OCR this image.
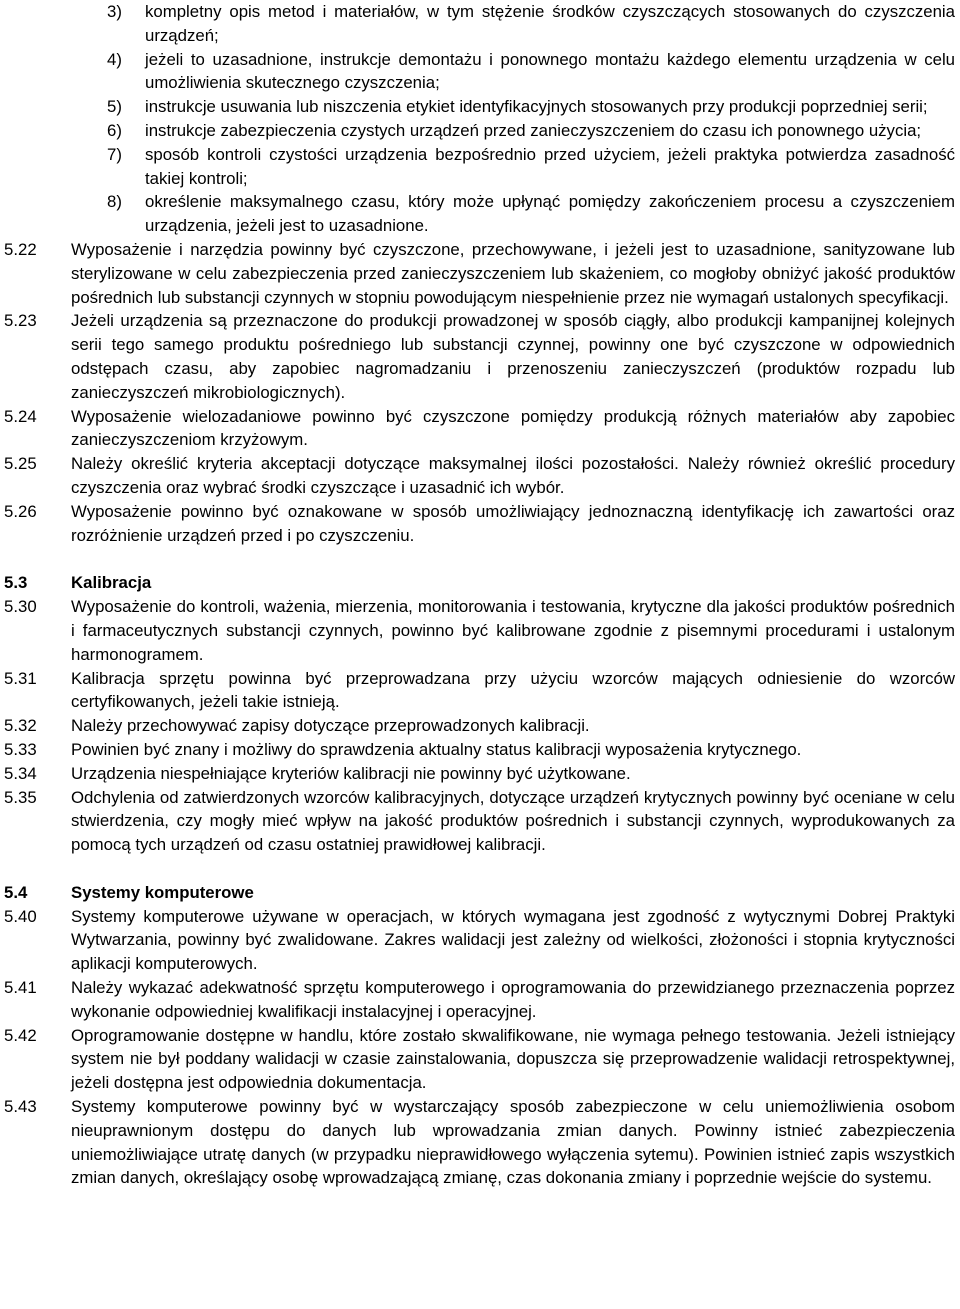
3)	kompletny opis metod i materiałów, w tym stężenie środków czyszczących stosowanych do czyszczenia urządzeń;
4)	jeżeli to uzasadnione, instrukcje demontażu i ponownego montażu każdego elementu urządzenia w celu umożliwienia skutecznego czyszczenia;
5)	instrukcje usuwania lub niszczenia etykiet identyfikacyjnych stosowanych przy produkcji poprzedniej serii;
6)	instrukcje zabezpieczenia czystych urządzeń przed zanieczyszczeniem do czasu ich ponownego użycia;
7)	sposób kontroli czystości urządzenia bezpośrednio przed użyciem, jeżeli praktyka potwierdza zasadność takiej kontroli;
8)	określenie maksymalnego czasu, który może upłynąć pomiędzy zakończeniem procesu a czyszczeniem urządzenia, jeżeli jest to uzasadnione.
5.22	Wyposażenie i narzędzia powinny być czyszczone, przechowywane, i jeżeli jest to uzasadnione, sanityzowane lub sterylizowane w celu zabezpieczenia przed zanieczyszczeniem lub skażeniem, co mogłoby obniżyć jakość produktów pośrednich lub substancji czynnych w stopniu powodującym niespełnienie przez nie wymagań ustalonych specyfikacji.
5.23	Jeżeli urządzenia są przeznaczone do produkcji prowadzonej w sposób ciągły, albo produkcji kampanijnej kolejnych serii tego samego produktu pośredniego lub substancji czynnej, powinny one być czyszczone w odpowiednich odstępach czasu, aby zapobiec nagromadzaniu i przenoszeniu zanieczyszczeń (produktów rozpadu lub zanieczyszczeń mikrobiologicznych).
5.24	Wyposażenie wielozadaniowe powinno być czyszczone pomiędzy produkcją różnych materiałów aby zapobiec zanieczyszczeniom krzyżowym.
5.25	Należy określić kryteria akceptacji dotyczące maksymalnej ilości pozostałości. Należy również określić procedury czyszczenia oraz wybrać środki czyszczące i uzasadnić ich wybór.
5.26	Wyposażenie powinno być oznakowane w sposób umożliwiający jednoznaczną identyfikację ich zawartości oraz rozróżnienie urządzeń przed i po czyszczeniu.
5.3	Kalibracja
5.30	Wyposażenie do kontroli, ważenia, mierzenia, monitorowania i testowania, krytyczne dla jakości produktów pośrednich i farmaceutycznych substancji czynnych, powinno być kalibrowane zgodnie z pisemnymi procedurami i ustalonym harmonogramem.
5.31	Kalibracja sprzętu powinna być przeprowadzana przy użyciu wzorców mających odniesienie do wzorców certyfikowanych, jeżeli takie istnieją.
5.32	Należy przechowywać zapisy dotyczące przeprowadzonych kalibracji.
5.33	Powinien być znany i możliwy do sprawdzenia aktualny status kalibracji wyposażenia krytycznego.
5.34	Urządzenia niespełniające kryteriów kalibracji nie powinny być użytkowane.
5.35	Odchylenia od zatwierdzonych wzorców kalibracyjnych, dotyczące urządzeń krytycznych powinny być oceniane w celu stwierdzenia, czy mogły mieć wpływ na jakość produktów pośrednich i substancji czynnych, wyprodukowanych za pomocą tych urządzeń od czasu ostatniej prawidłowej kalibracji.
5.4	Systemy komputerowe
5.40	Systemy komputerowe używane w operacjach, w których wymagana jest zgodność z wytycznymi Dobrej Praktyki Wytwarzania, powinny być zwalidowane. Zakres walidacji jest zależny od wielkości, złożoności i stopnia krytyczności aplikacji komputerowych.
5.41	Należy wykazać adekwatność sprzętu komputerowego i oprogramowania do przewidzianego przeznaczenia poprzez wykonanie odpowiedniej kwalifikacji instalacyjnej i operacyjnej.
5.42	Oprogramowanie dostępne w handlu, które zostało skwalifikowane, nie wymaga pełnego testowania. Jeżeli istniejący system nie był poddany walidacji w czasie zainstalowania, dopuszcza się przeprowadzenie walidacji retrospektywnej, jeżeli dostępna jest odpowiednia dokumentacja.
5.43	Systemy komputerowe powinny być w wystarczający sposób zabezpieczone w celu uniemożliwienia osobom nieuprawnionym dostępu do danych lub wprowadzania zmian danych. Powinny istnieć zabezpieczenia uniemożliwiające utratę danych (w przypadku nieprawidłowego wyłączenia sytemu). Powinien istnieć zapis wszystkich zmian danych, określający osobę wprowadzającą zmianę, czas dokonania zmiany i poprzednie wejście do systemu.
